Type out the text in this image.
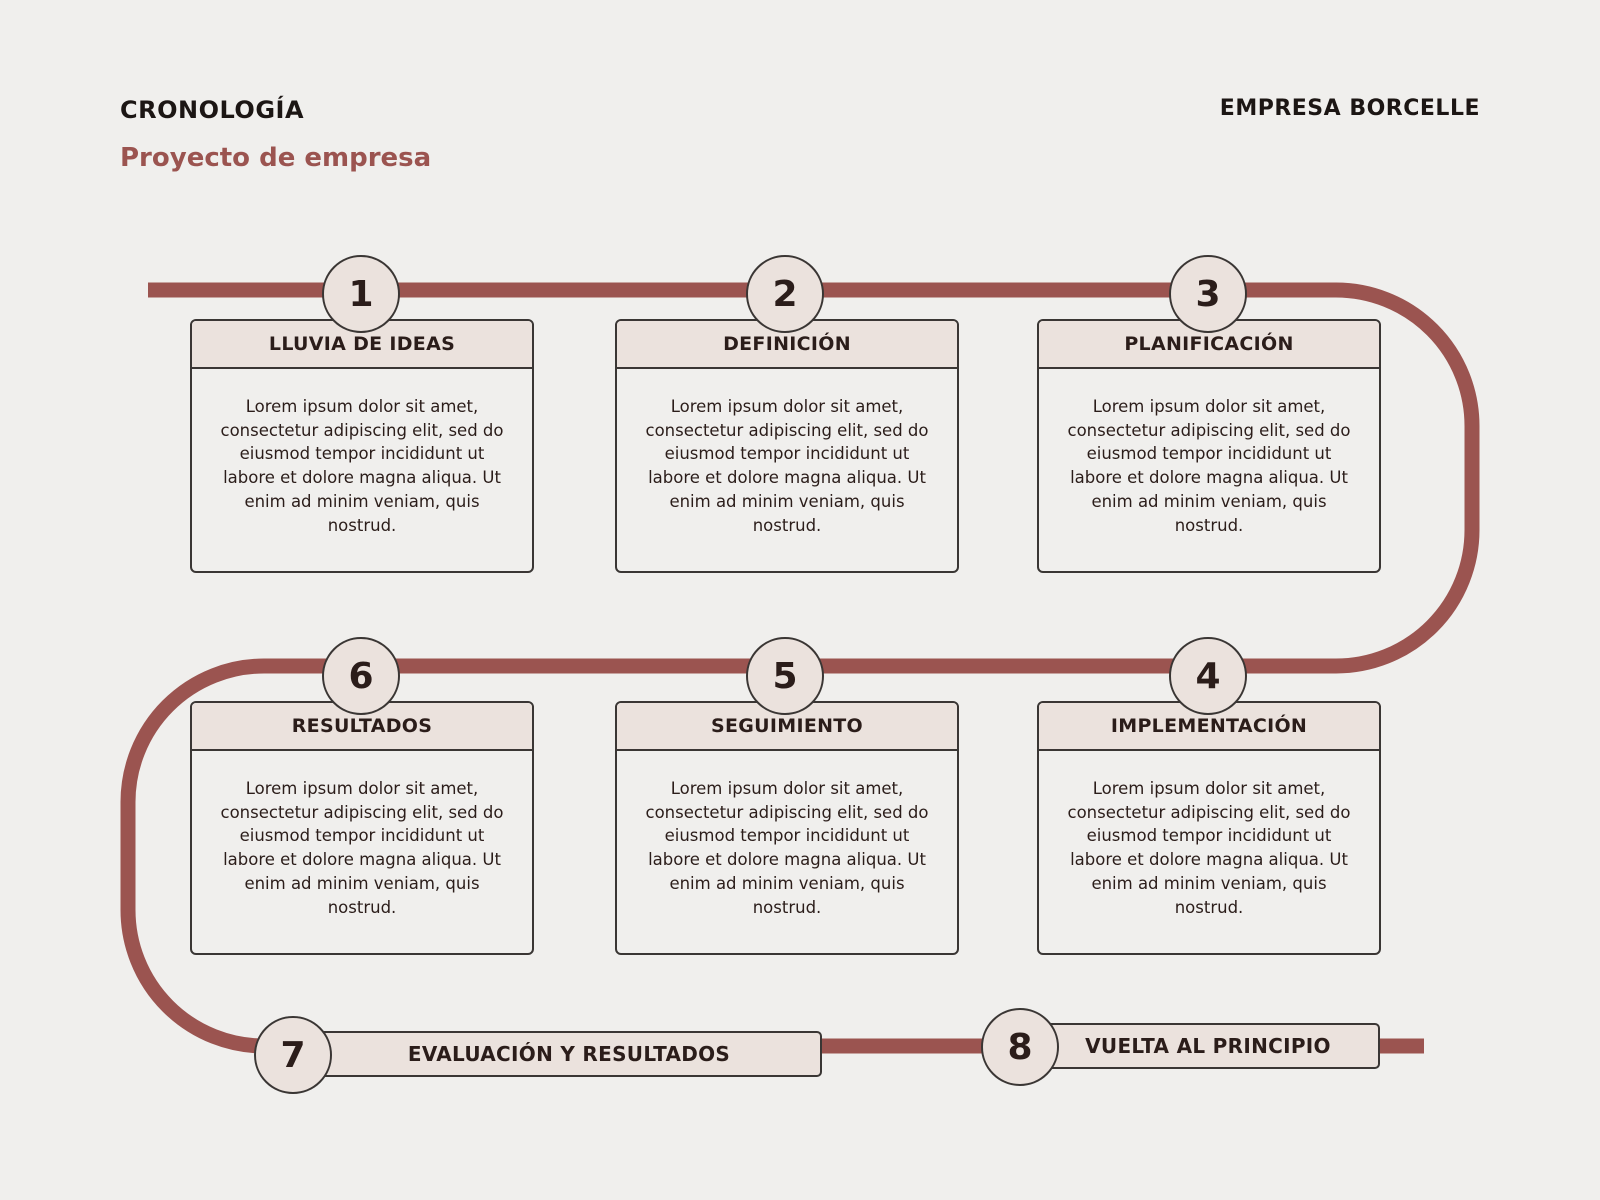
CRONOLOGÍA
Proyecto de empresa
EMPRESA BORCELLE
LLUVIA DE IDEAS
Lorem ipsum dolor sit amet, consectetur adipiscing elit, sed do eiusmod tempor incididunt ut labore et dolore magna aliqua. Ut enim ad minim veniam, quis nostrud.
DEFINICIÓN
Lorem ipsum dolor sit amet, consectetur adipiscing elit, sed do eiusmod tempor incididunt ut labore et dolore magna aliqua. Ut enim ad minim veniam, quis nostrud.
PLANIFICACIÓN
Lorem ipsum dolor sit amet, consectetur adipiscing elit, sed do eiusmod tempor incididunt ut labore et dolore magna aliqua. Ut enim ad minim veniam, quis nostrud.
RESULTADOS
Lorem ipsum dolor sit amet, consectetur adipiscing elit, sed do eiusmod tempor incididunt ut labore et dolore magna aliqua. Ut enim ad minim veniam, quis nostrud.
SEGUIMIENTO
Lorem ipsum dolor sit amet, consectetur adipiscing elit, sed do eiusmod tempor incididunt ut labore et dolore magna aliqua. Ut enim ad minim veniam, quis nostrud.
IMPLEMENTACIÓN
Lorem ipsum dolor sit amet, consectetur adipiscing elit, sed do eiusmod tempor incididunt ut labore et dolore magna aliqua. Ut enim ad minim veniam, quis nostrud.
EVALUACIÓN Y RESULTADOS	VUELTA AL PRINCIPIO
1	2	3
6	5	4
7	8
